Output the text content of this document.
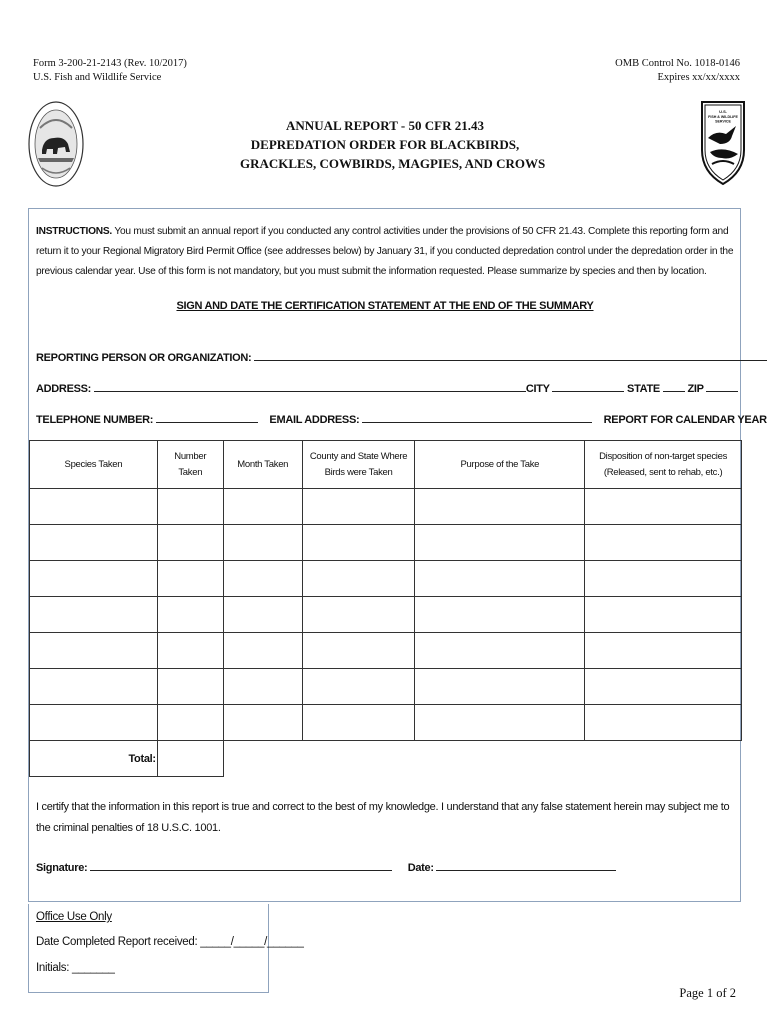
Form 3-200-21-2143 (Rev. 10/2017)
U.S. Fish and Wildlife Service
OMB Control No. 1018-0146
Expires xx/xx/xxxx
U.S.
FISH & WILDLIFE
SERVICE
ANNUAL REPORT - 50 CFR 21.43
DEPREDATION ORDER FOR BLACKBIRDS,
GRACKLES, COWBIRDS, MAGPIES, AND CROWS
INSTRUCTIONS. You must submit an annual report if you conducted any control activities under the provisions of 50 CFR 21.43. Complete this reporting form and return it to your Regional Migratory Bird Permit Office (see addresses below) by January 31, if you conducted depredation control under the depredation order in the previous calendar year. Use of this form is not mandatory, but you must submit the information requested. Please summarize by species and then by location.
SIGN AND DATE THE CERTIFICATION STATEMENT AT THE END OF THE SUMMARY
REPORTING PERSON OR ORGANIZATION:
ADDRESS:	CITY	STATE	ZIP
TELEPHONE NUMBER:	EMAIL ADDRESS:	REPORT FOR CALENDAR YEAR
Species Taken	Number Taken	Month Taken	County and State Where Birds were Taken	Purpose of the Take	Disposition of non-target species (Released, sent to rehab, etc.)

Total:					
I certify that the information in this report is true and correct to the best of my knowledge. I understand that any false statement herein may subject me to the criminal penalties of 18 U.S.C. 1001.
Signature:	Date:
Office Use Only
Date Completed Report received: _____/_____/______
Initials: _______
Page 1 of 2
